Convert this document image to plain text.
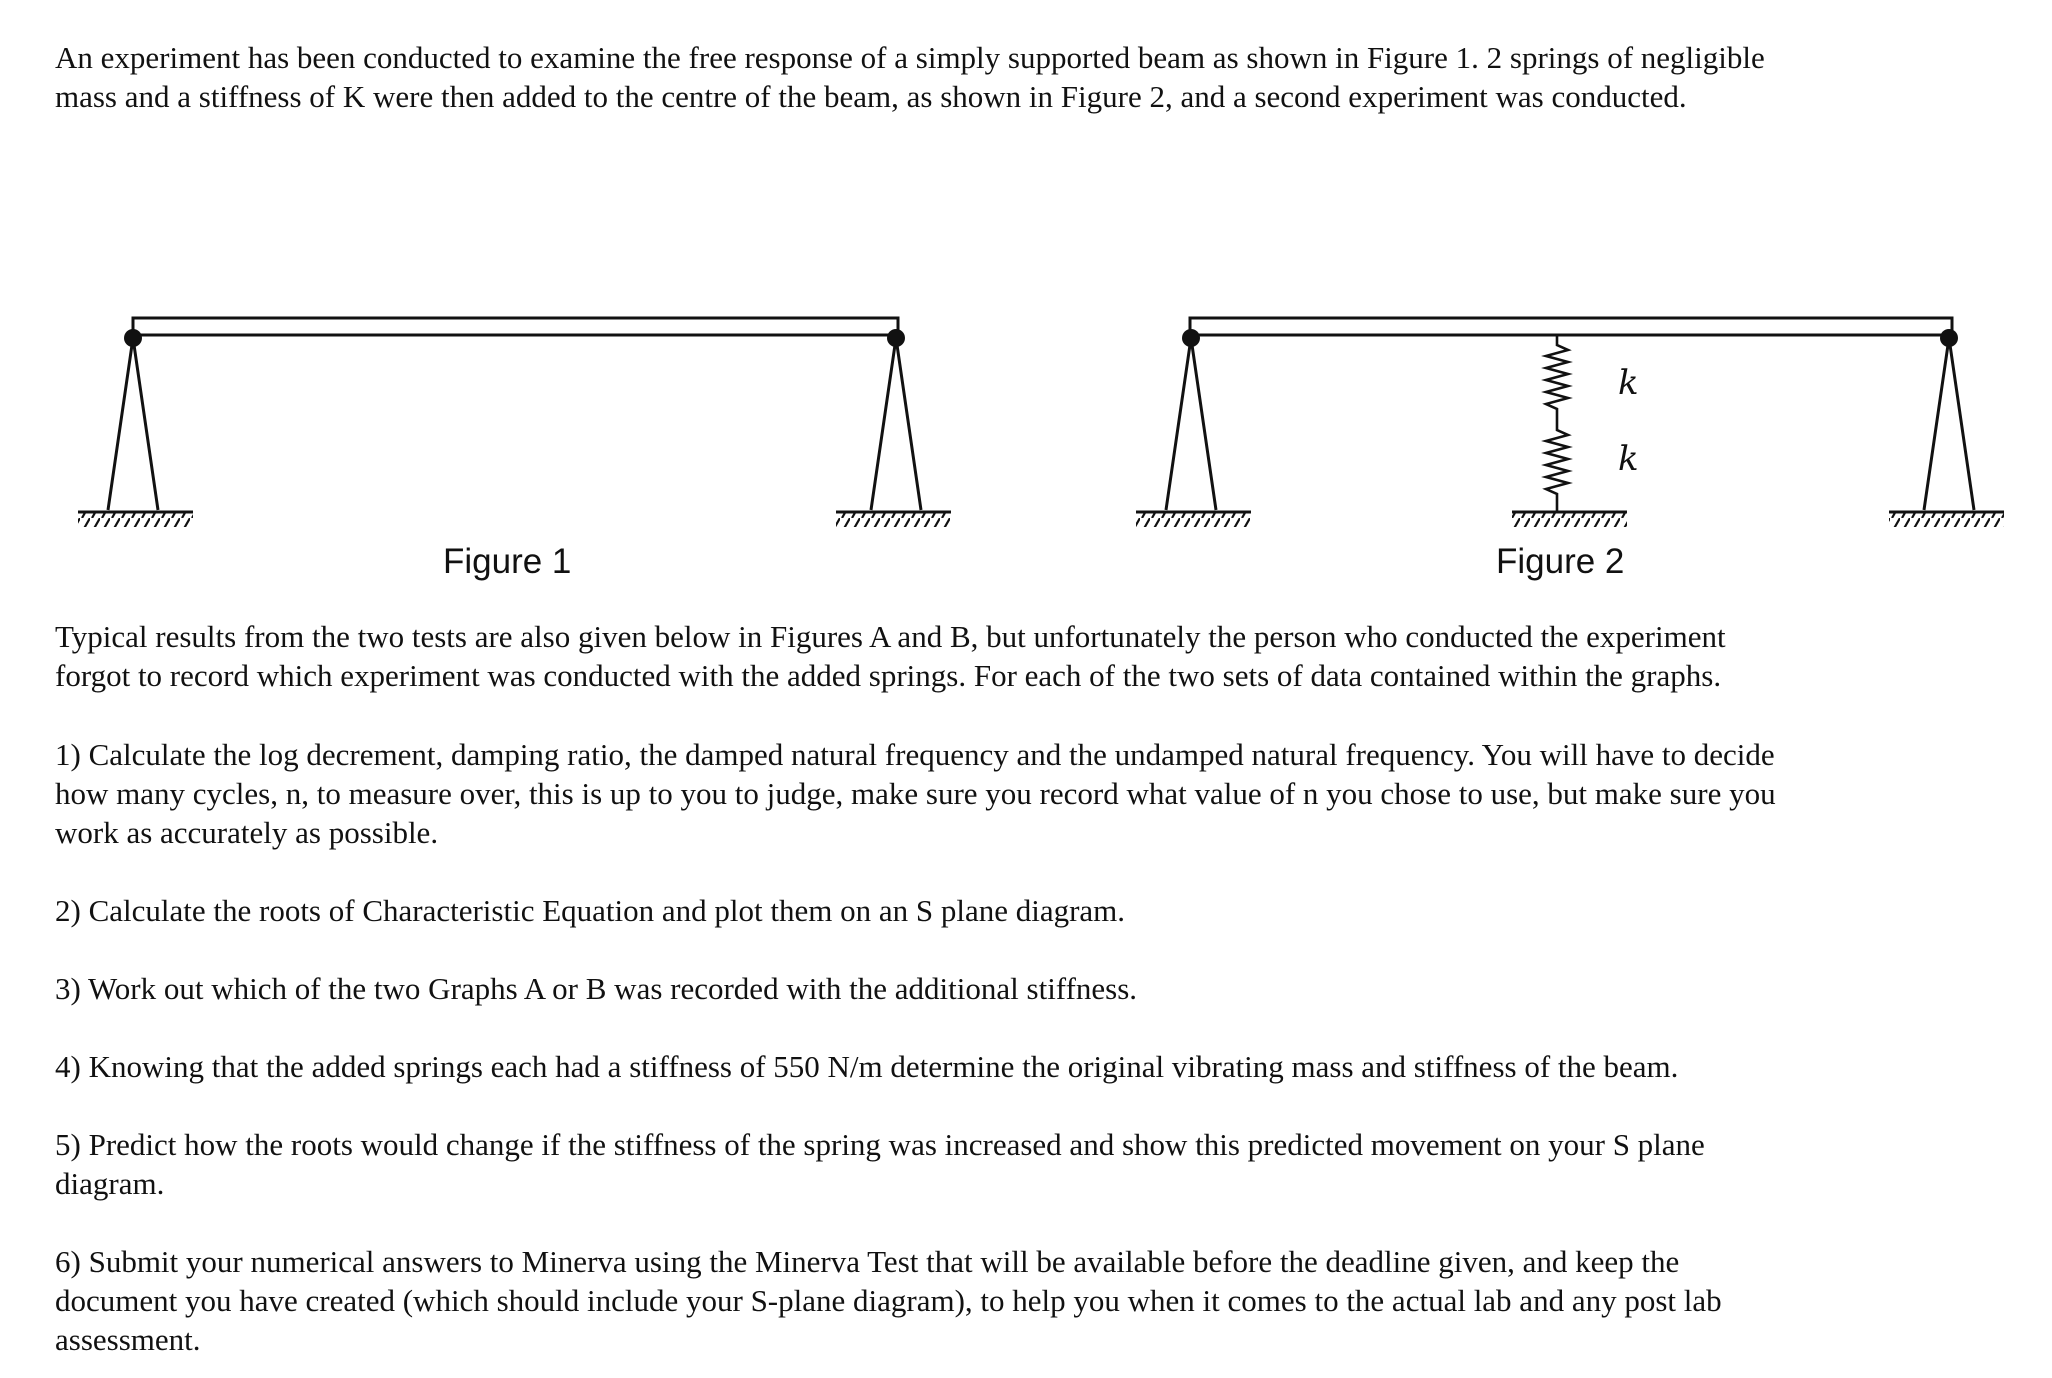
An experiment has been conducted to examine the free response of a simply supported beam as shown in Figure 1. 2 springs of negligible
mass and a stiffness of K were then added to the centre of the beam, as shown in Figure 2, and a second experiment was conducted.

Figure 1
k
k
Figure 2

Typical results from the two tests are also given below in Figures A and B, but unfortunately the person who conducted the experiment
forgot to record which experiment was conducted with the added springs. For each of the two sets of data contained within the graphs.

1) Calculate the log decrement, damping ratio, the damped natural frequency and the undamped natural frequency. You will have to decide
how many cycles, n, to measure over, this is up to you to judge, make sure you record what value of n you chose to use, but make sure you
work as accurately as possible.

2) Calculate the roots of Characteristic Equation and plot them on an S plane diagram.

3) Work out which of the two Graphs A or B was recorded with the additional stiffness.

4) Knowing that the added springs each had a stiffness of 550 N/m determine the original vibrating mass and stiffness of the beam.

5) Predict how the roots would change if the stiffness of the spring was increased and show this predicted movement on your S plane
diagram.

6) Submit your numerical answers to Minerva using the Minerva Test that will be available before the deadline given, and keep the
document you have created (which should include your S-plane diagram), to help you when it comes to the actual lab and any post lab
assessment.
